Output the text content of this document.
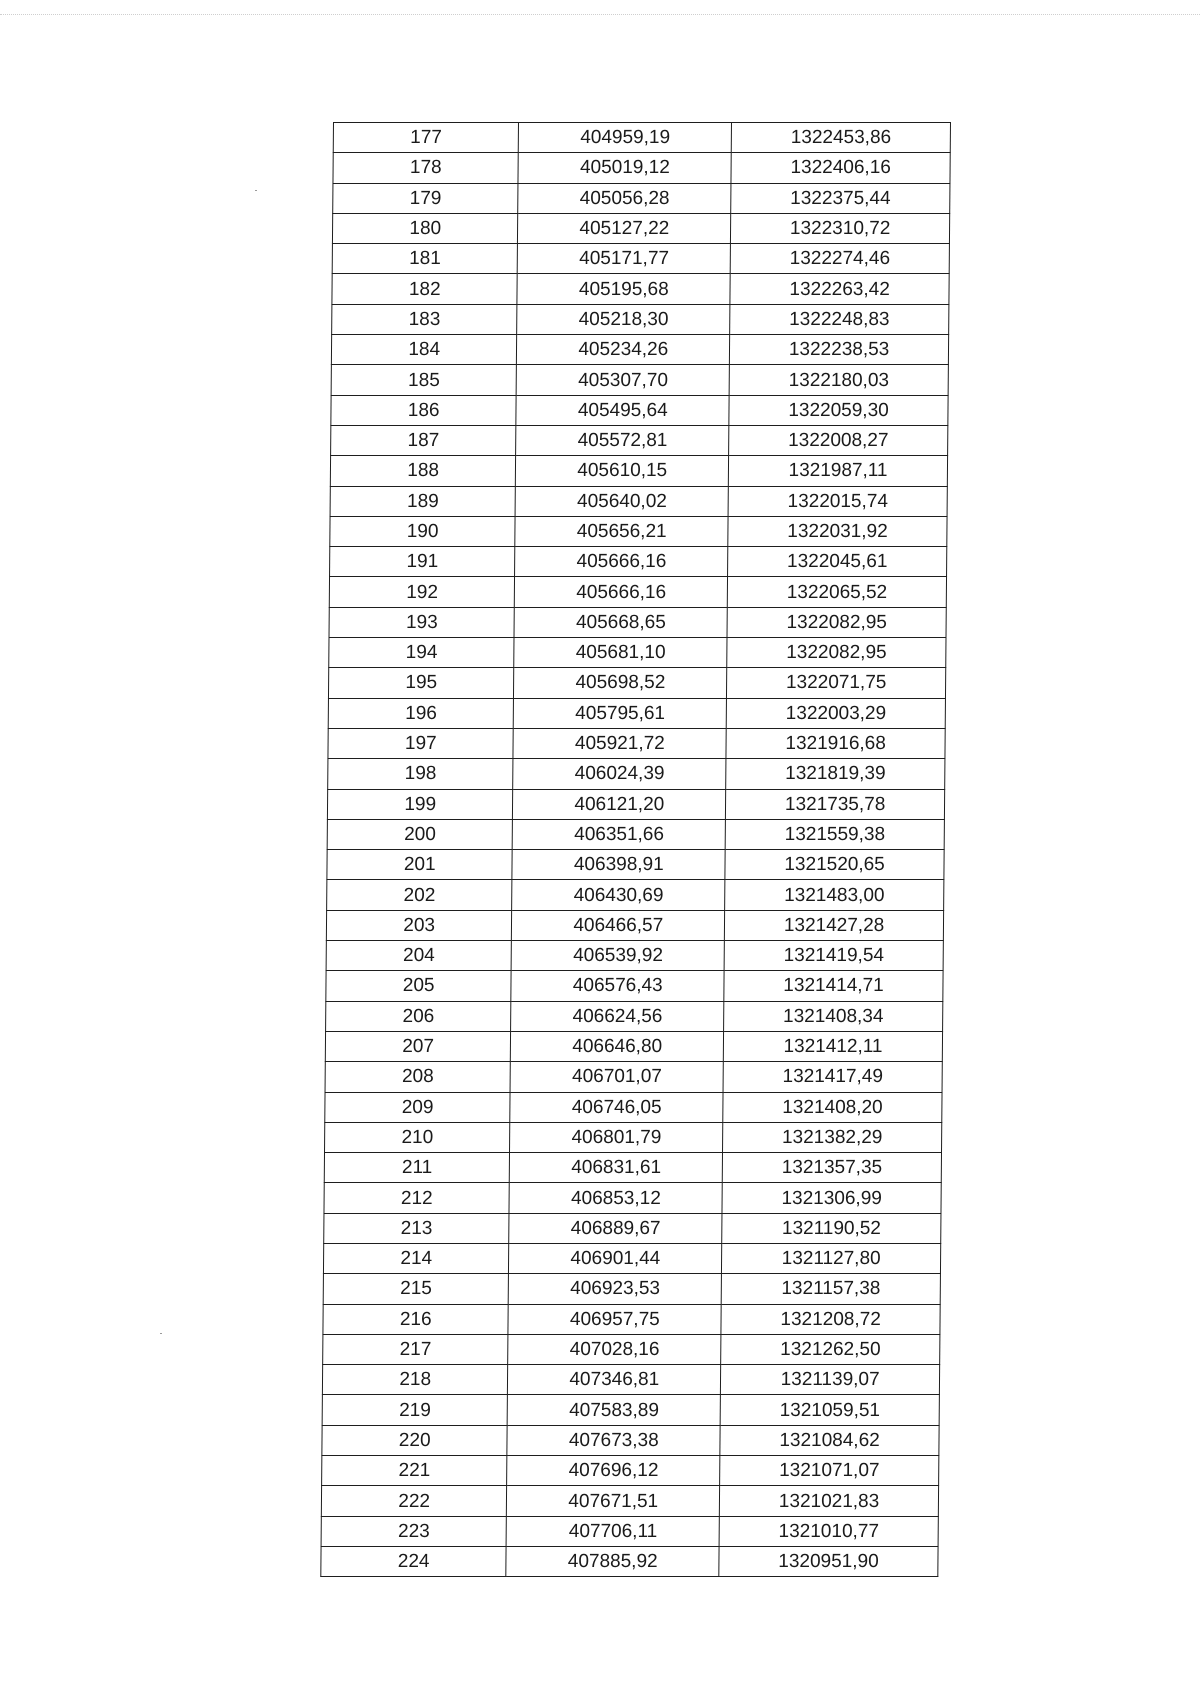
177	404959,19	1322453,86
178	405019,12	1322406,16
179	405056,28	1322375,44
180	405127,22	1322310,72
181	405171,77	1322274,46
182	405195,68	1322263,42
183	405218,30	1322248,83
184	405234,26	1322238,53
185	405307,70	1322180,03
186	405495,64	1322059,30
187	405572,81	1322008,27
188	405610,15	1321987,11
189	405640,02	1322015,74
190	405656,21	1322031,92
191	405666,16	1322045,61
192	405666,16	1322065,52
193	405668,65	1322082,95
194	405681,10	1322082,95
195	405698,52	1322071,75
196	405795,61	1322003,29
197	405921,72	1321916,68
198	406024,39	1321819,39
199	406121,20	1321735,78
200	406351,66	1321559,38
201	406398,91	1321520,65
202	406430,69	1321483,00
203	406466,57	1321427,28
204	406539,92	1321419,54
205	406576,43	1321414,71
206	406624,56	1321408,34
207	406646,80	1321412,11
208	406701,07	1321417,49
209	406746,05	1321408,20
210	406801,79	1321382,29
211	406831,61	1321357,35
212	406853,12	1321306,99
213	406889,67	1321190,52
214	406901,44	1321127,80
215	406923,53	1321157,38
216	406957,75	1321208,72
217	407028,16	1321262,50
218	407346,81	1321139,07
219	407583,89	1321059,51
220	407673,38	1321084,62
221	407696,12	1321071,07
222	407671,51	1321021,83
223	407706,11	1321010,77
224	407885,92	1320951,90
